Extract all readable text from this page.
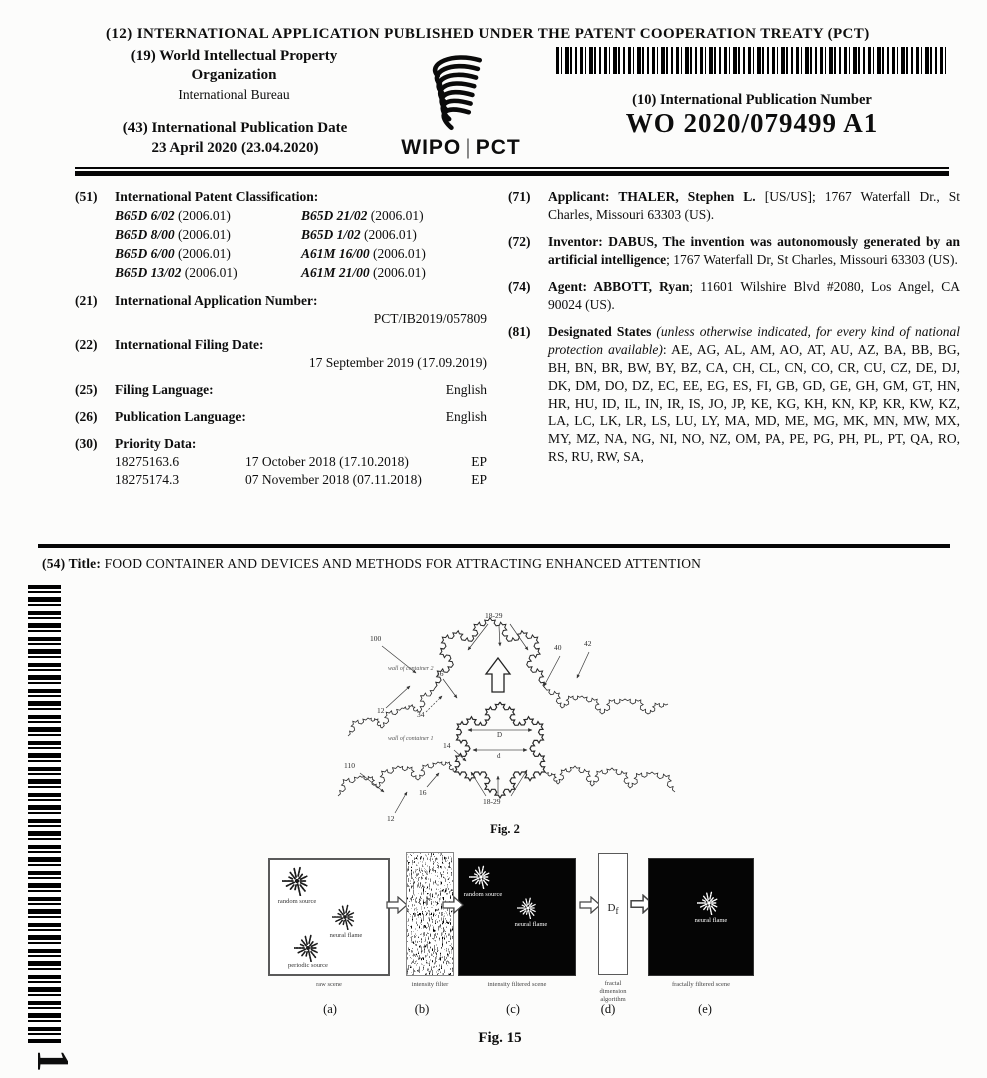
(12) INTERNATIONAL APPLICATION PUBLISHED UNDER THE PATENT COOPERATION TREATY (PCT)
(19) World Intellectual Property
Organization
International Bureau
(43) International Publication Date
23 April 2020 (23.04.2020)	WIPO | PCT
(10) International Publication Number
WO 2020/079499 A1
(51) International Patent Classification:
B65D 6/02 (2006.01)	B65D 21/02 (2006.01)
B65D 8/00 (2006.01)	B65D 1/02 (2006.01)
B65D 6/00 (2006.01)	A61M 16/00 (2006.01)
B65D 13/02 (2006.01)	A61M 21/00 (2006.01)
(21) International Application Number:
PCT/IB2019/057809
(22) International Filing Date:
17 September 2019 (17.09.2019)
(25) Filing Language:	English
(26) Publication Language:	English
(30) Priority Data:
18275163.6	17 October 2018 (17.10.2018)	EP
18275174.3	07 November 2018 (07.11.2018)	EP
(71) Applicant: THALER, Stephen L. [US/US]; 1767 Waterfall Dr., St Charles, Missouri 63303 (US).
(72) Inventor: DABUS, The invention was autonomously generated by an artificial intelligence; 1767 Waterfall Dr, St Charles, Missouri 63303 (US).
(74) Agent: ABBOTT, Ryan; 11601 Wilshire Blvd #2080, Los Angel, CA 90024 (US).
(81) Designated States (unless otherwise indicated, for every kind of national protection available): AE, AG, AL, AM, AO, AT, AU, AZ, BA, BB, BG, BH, BN, BR, BW, BY, BZ, CA, CH, CL, CN, CO, CR, CU, CZ, DE, DJ, DK, DM, DO, DZ, EC, EE, EG, ES, FI, GB, GD, GE, GH, GM, GT, HN, HR, HU, ID, IL, IN, IR, IS, JO, JP, KE, KG, KH, KN, KP, KR, KW, KZ, LA, LC, LK, LR, LS, LU, LY, MA, MD, ME, MG, MK, MN, MW, MX, MY, MZ, NA, NG, NI, NO, NZ, OM, PA, PE, PG, PH, PL, PT, QA, RO, RS, RU, RW, SA,
(54) Title: FOOD CONTAINER AND DEVICES AND METHODS FOR ATTRACTING ENHANCED ATTENTION
1
100
18-29
40	42
wall of container 2 16
12	34
110
wall of container 1
14
16
12
18-29
D
d
Fig. 2
random source
neural flame
periodic source
raw scene	intensity filter
random source
neural flame
intensity filtered scene
$D_f$
fractal dimension algorithm
neural flame
fractally filtered scene
(a)	(b)	(c)	(d)	(e)
Fig. 15
